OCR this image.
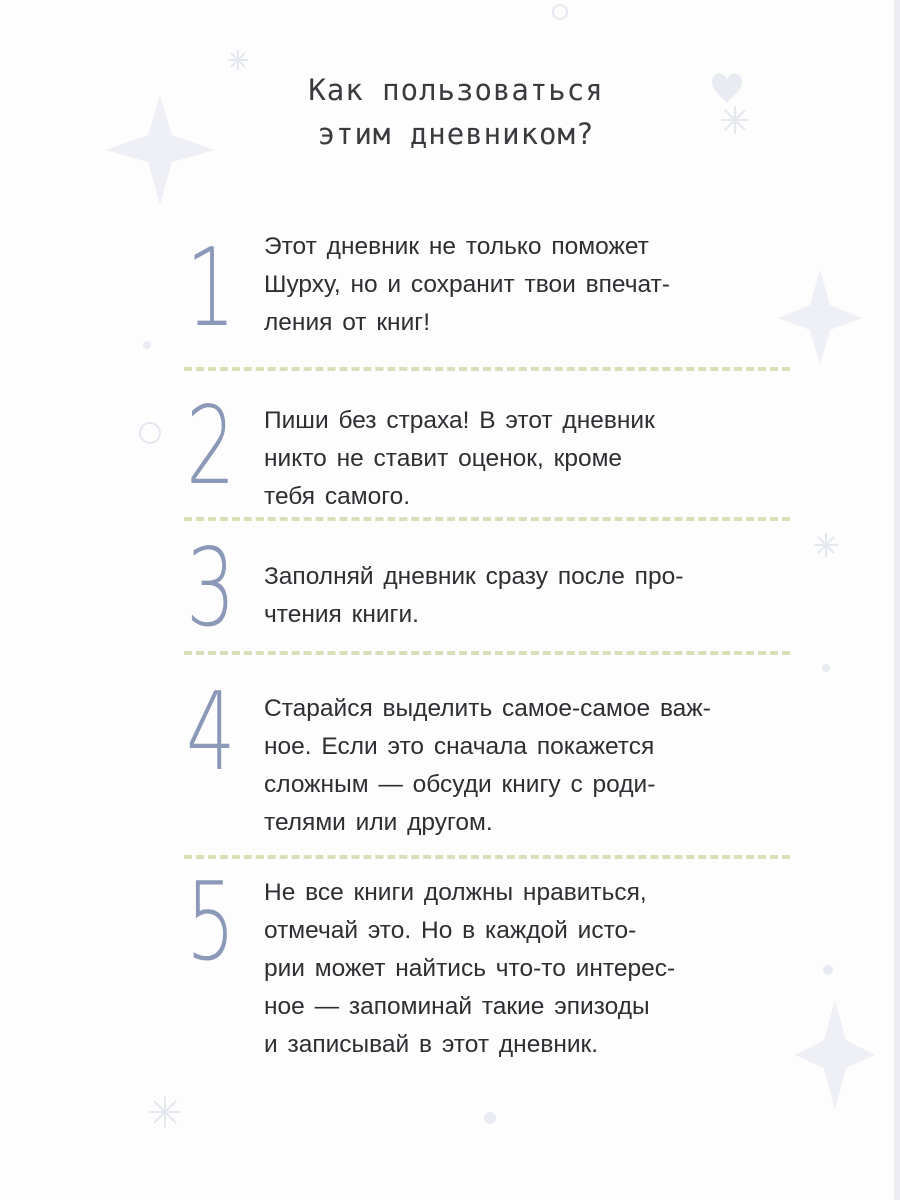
Как пользоваться
этим дневником?
1 Этот дневник не только поможет
Шурху, но и сохранит твои впечат-
ления от книг!
2 Пиши без страха! В этот дневник
никто не ставит оценок, кроме
тебя самого.
3 Заполняй дневник сразу после про-
чтения книги.
4 Старайся выделить самое-самое важ-
ное. Если это сначала покажется
сложным — обсуди книгу с роди-
телями или другом.
5 Не все книги должны нравиться,
отмечай это. Но в каждой исто-
рии может найтись что-то интерес-
ное — запоминай такие эпизоды
и записывай в этот дневник.
